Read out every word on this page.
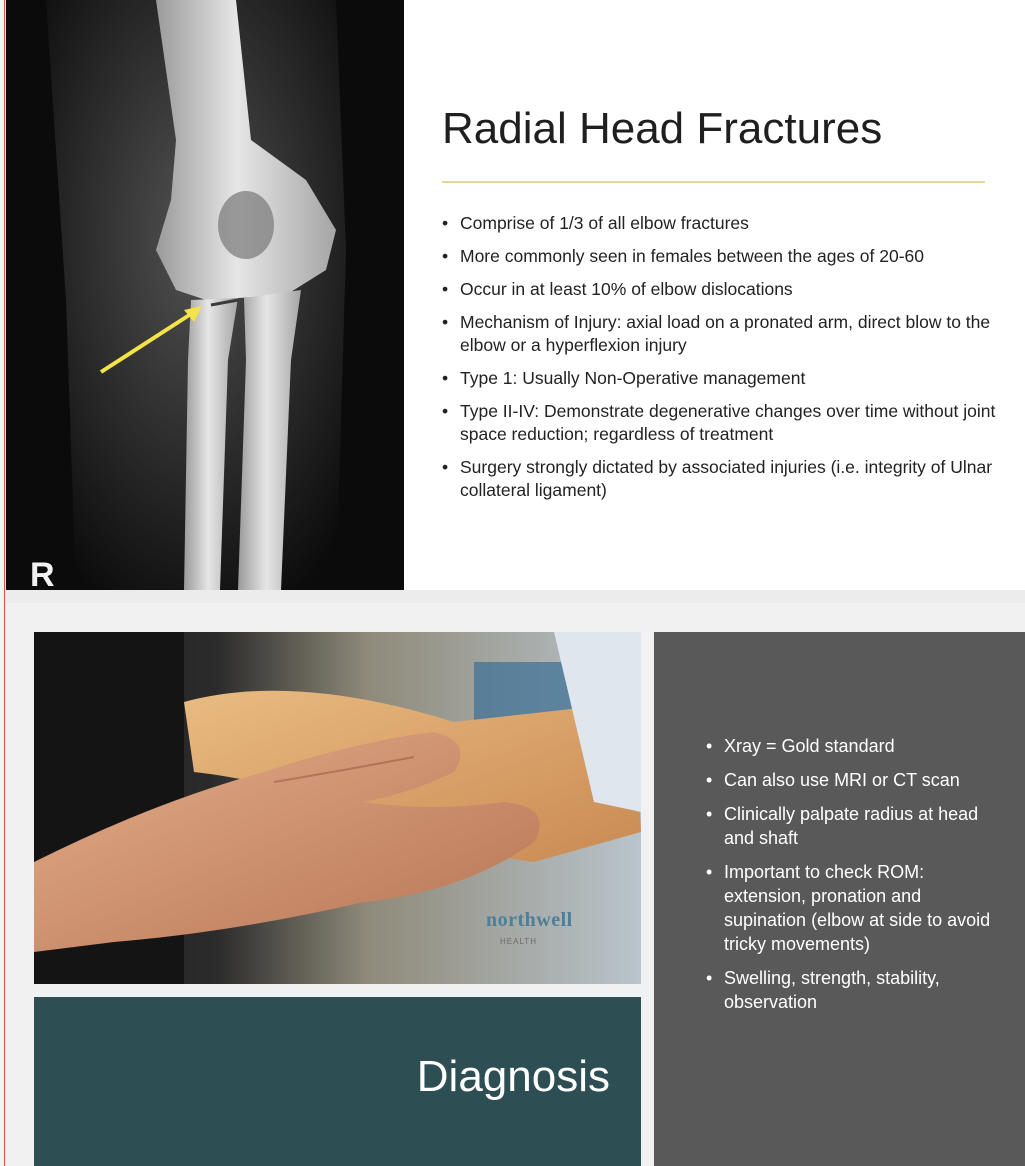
R
Radial Head Fractures
• Comprise of 1/3 of all elbow fractures
• More commonly seen in females between the ages of 20-60
• Occur in at least 10% of elbow dislocations
• Mechanism of Injury: axial load on a pronated arm, direct blow to the elbow or a hyperflexion injury
• Type 1: Usually Non-Operative management
• Type II-IV: Demonstrate degenerative changes over time without joint space reduction; regardless of treatment
• Surgery strongly dictated by associated injuries (i.e. integrity of Ulnar collateral ligament)
northwell
HEALTH
Diagnosis
• Xray = Gold standard
• Can also use MRI or CT scan
• Clinically palpate radius at head and shaft
• Important to check ROM: extension, pronation and supination (elbow at side to avoid tricky movements)
• Swelling, strength, stability, observation
